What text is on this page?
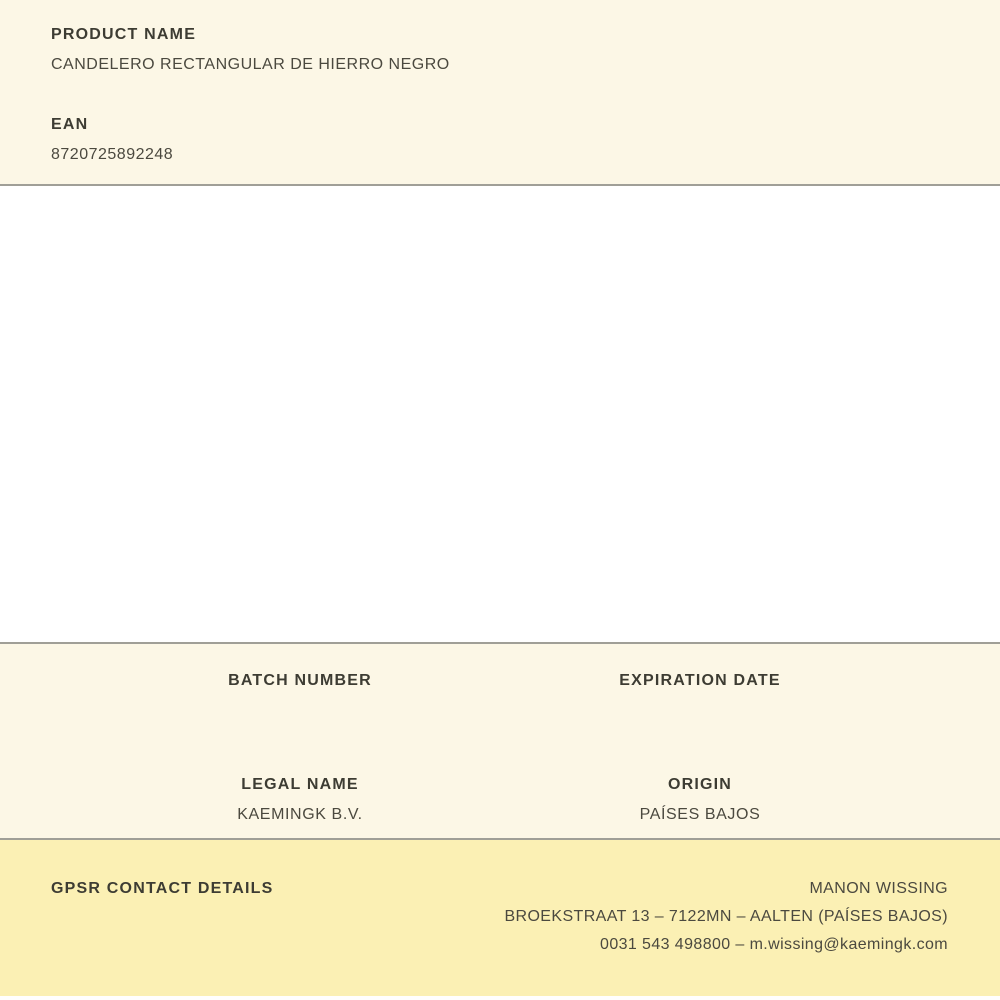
PRODUCT NAME
CANDELERO RECTANGULAR DE HIERRO NEGRO
EAN
8720725892248
BATCH NUMBER	EXPIRATION DATE
LEGAL NAME
KAEMINGK B.V.
ORIGIN
PAÍSES BAJOS
GPSR CONTACT DETAILS	MANON WISSING
BROEKSTRAAT 13 – 7122MN – AALTEN (PAÍSES BAJOS)
0031 543 498800 – m.wissing@kaemingk.com
